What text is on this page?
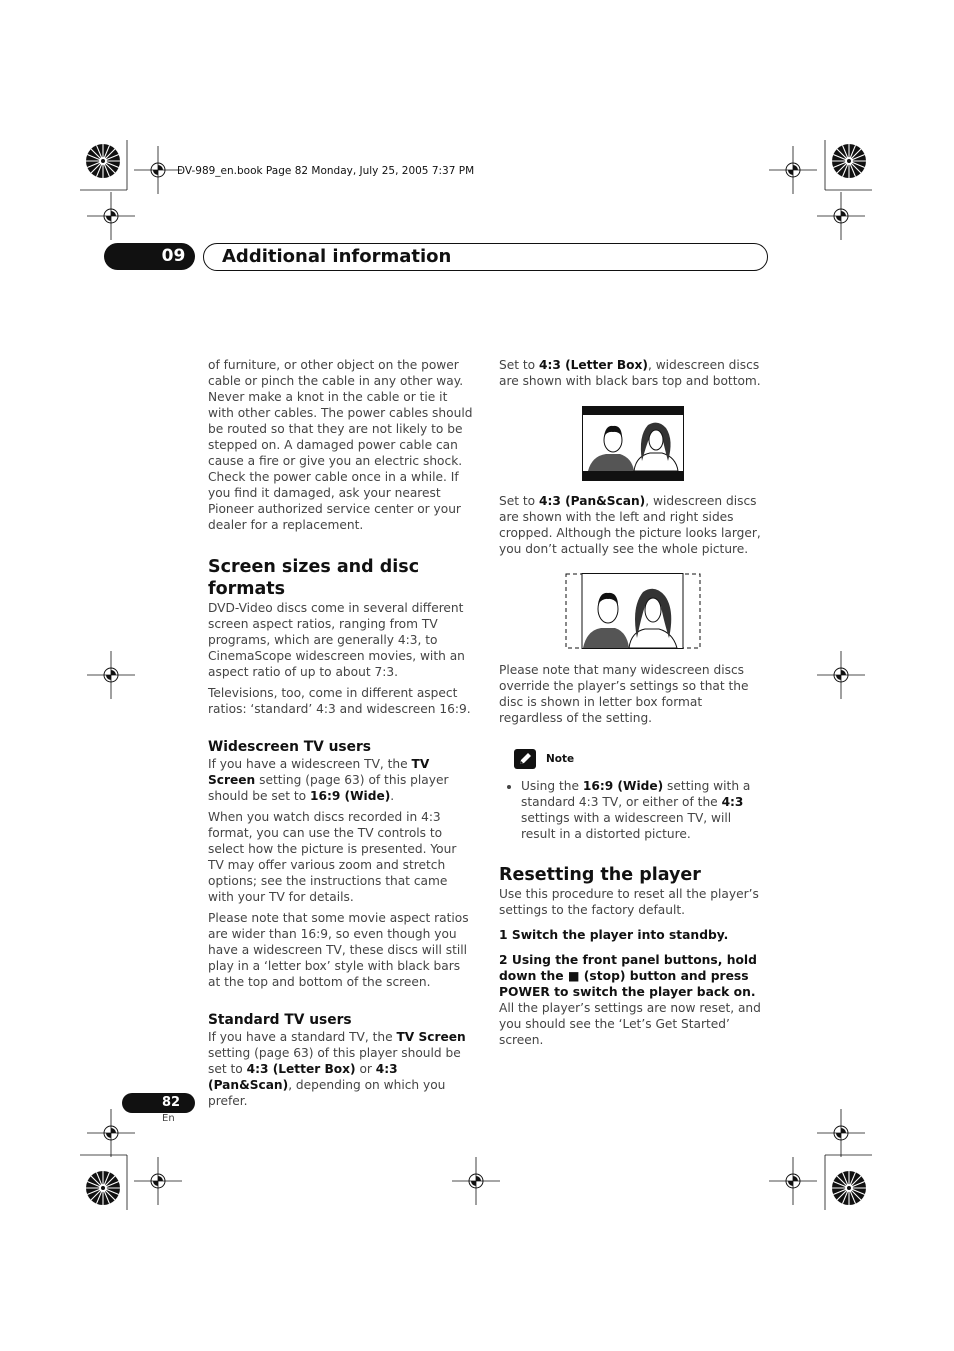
DV-989_en.book Page 82 Monday, July 25, 2005 7:37 PM
09	Additional information

of furniture, or other object on the power cable or pinch the cable in any other way. Never make a knot in the cable or tie it with other cables. The power cables should be routed so that they are not likely to be stepped on. A damaged power cable can cause a fire or give you an electric shock. Check the power cable once in a while. If you find it damaged, ask your nearest Pioneer authorized service center or your dealer for a replacement.

Screen sizes and disc formats

DVD-Video discs come in several different screen aspect ratios, ranging from TV programs, which are generally 4:3, to CinemaScope widescreen movies, with an aspect ratio of up to about 7:3.

Televisions, too, come in different aspect ratios: ‘standard’ 4:3 and widescreen 16:9.

Widescreen TV users

If you have a widescreen TV, the TV Screen setting (page 63) of this player should be set to 16:9 (Wide).

When you watch discs recorded in 4:3 format, you can use the TV controls to select how the picture is presented. Your TV may offer various zoom and stretch options; see the instructions that came with your TV for details.

Please note that some movie aspect ratios are wider than 16:9, so even though you have a widescreen TV, these discs will still play in a ‘letter box’ style with black bars at the top and bottom of the screen.

Standard TV users

If you have a standard TV, the TV Screen setting (page 63) of this player should be set to 4:3 (Letter Box) or 4:3 (Pan&Scan), depending on which you prefer.

Set to 4:3 (Letter Box), widescreen discs are shown with black bars top and bottom.

Set to 4:3 (Pan&Scan), widescreen discs are shown with the left and right sides cropped. Although the picture looks larger, you don’t actually see the whole picture.

Please note that many widescreen discs override the player’s settings so that the disc is shown in letter box format regardless of the setting.
Note
• Using the 16:9 (Wide) setting with a standard 4:3 TV, or either of the 4:3 settings with a widescreen TV, will result in a distorted picture.
Resetting the player

Use this procedure to reset all the player’s settings to the factory default.

1 Switch the player into standby.

2 Using the front panel buttons, hold down the ■ (stop) button and press POWER to switch the player back on.

All the player’s settings are now reset, and you should see the ‘Let’s Get Started’ screen.

82
En
